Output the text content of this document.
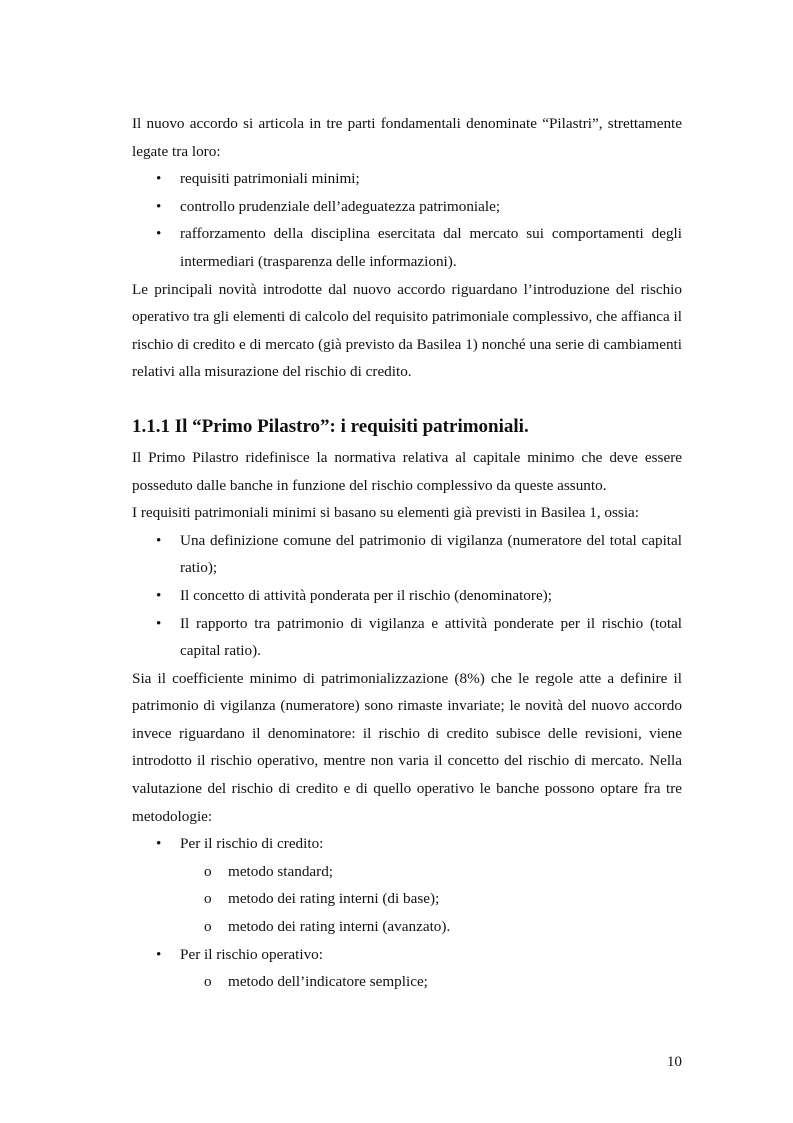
Il nuovo accordo si articola in tre parti fondamentali denominate “Pilastri”, strettamente legate tra loro:

• requisiti patrimoniali minimi;
• controllo prudenziale dell’adeguatezza patrimoniale;
• rafforzamento della disciplina esercitata dal mercato sui comportamenti degli intermediari (trasparenza delle informazioni).

Le principali novità introdotte dal nuovo accordo riguardano l’introduzione del rischio operativo tra gli elementi di calcolo del requisito patrimoniale complessivo, che affianca il rischio di credito e di mercato (già previsto da Basilea 1) nonché una serie di cambiamenti relativi alla misurazione del rischio di credito.

1.1.1 Il “Primo Pilastro”: i requisiti patrimoniali.

Il Primo Pilastro ridefinisce la normativa relativa al capitale minimo che deve essere posseduto dalle banche in funzione del rischio complessivo da queste assunto.

I requisiti patrimoniali minimi si basano su elementi già previsti in Basilea 1, ossia:

• Una definizione comune del patrimonio di vigilanza (numeratore del total capital ratio);
• Il concetto di attività ponderata per il rischio (denominatore);
• Il rapporto tra patrimonio di vigilanza e attività ponderate per il rischio (total capital ratio).

Sia il coefficiente minimo di patrimonializzazione (8%) che le regole atte a definire il patrimonio di vigilanza (numeratore) sono rimaste invariate; le novità del nuovo accordo invece riguardano il denominatore: il rischio di credito subisce delle revisioni, viene introdotto il rischio operativo, mentre non varia il concetto del rischio di mercato. Nella valutazione del rischio di credito e di quello operativo le banche possono optare fra tre metodologie:

• Per il rischio di credito:
o metodo standard;
o metodo dei rating interni (di base);
o metodo dei rating interni (avanzato).
• Per il rischio operativo:
o metodo dell’indicatore semplice;
10
